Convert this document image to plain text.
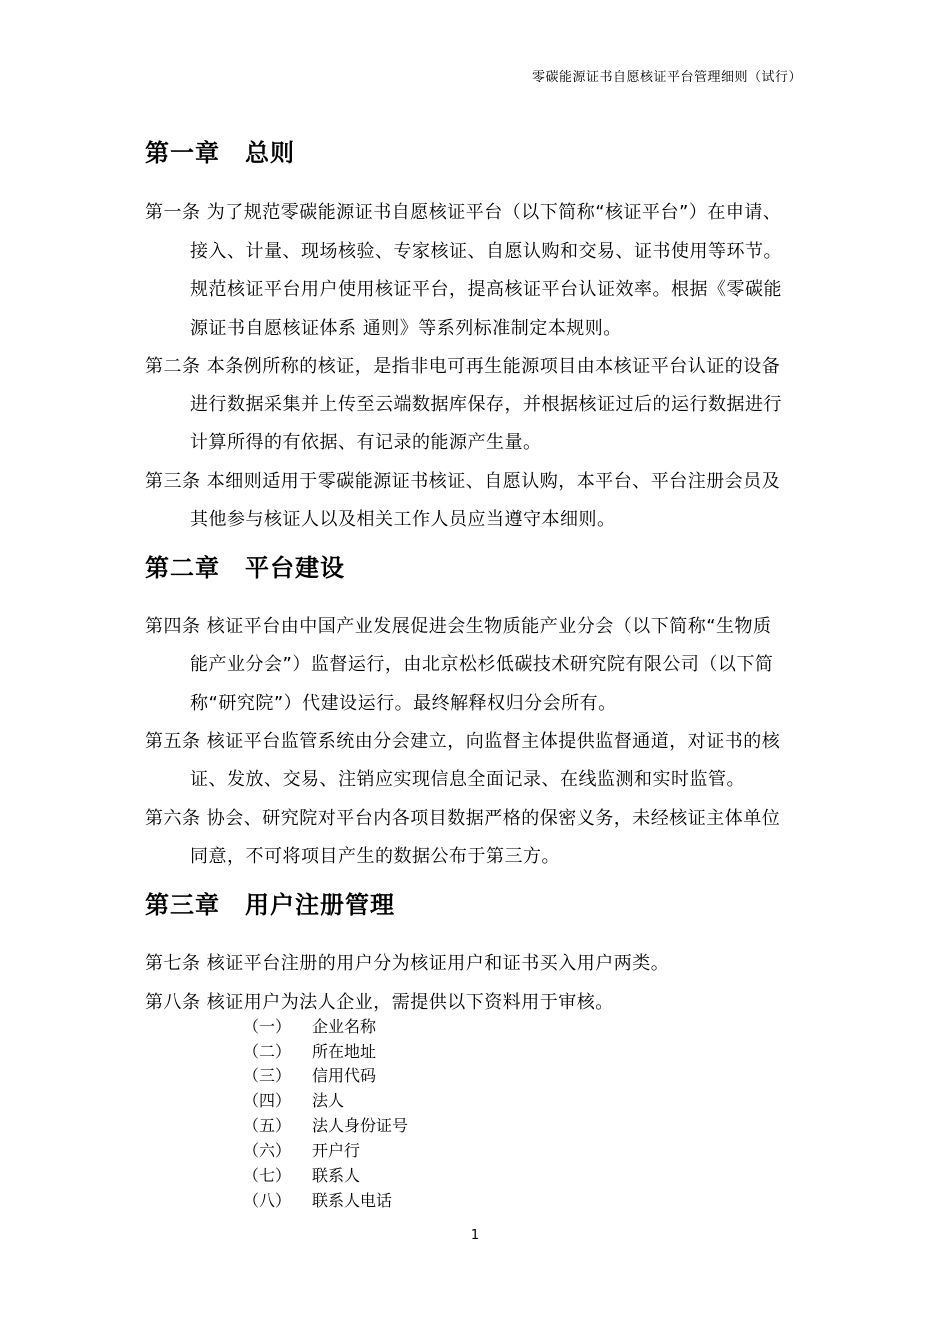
零碳能源证书自愿核证平台管理细则（试行）
第一章 总则
第一条 为了规范零碳能源证书自愿核证平台（以下简称“核证平台”）在申请、
接入、计量、现场核验、专家核证、自愿认购和交易、证书使用等环节。
规范核证平台用户使用核证平台，提高核证平台认证效率。根据《零碳能
源证书自愿核证体系 通则》等系列标准制定本规则。
第二条 本条例所称的核证，是指非电可再生能源项目由本核证平台认证的设备
进行数据采集并上传至云端数据库保存，并根据核证过后的运行数据进行
计算所得的有依据、有记录的能源产生量。
第三条 本细则适用于零碳能源证书核证、自愿认购，本平台、平台注册会员及
其他参与核证人以及相关工作人员应当遵守本细则。
第二章 平台建设
第四条 核证平台由中国产业发展促进会生物质能产业分会（以下简称“生物质
能产业分会”）监督运行，由北京松杉低碳技术研究院有限公司（以下简
称“研究院”）代建设运行。最终解释权归分会所有。
第五条 核证平台监管系统由分会建立，向监督主体提供监督通道，对证书的核
证、发放、交易、注销应实现信息全面记录、在线监测和实时监管。
第六条 协会、研究院对平台内各项目数据严格的保密义务，未经核证主体单位
同意，不可将项目产生的数据公布于第三方。
第三章 用户注册管理
第七条 核证平台注册的用户分为核证用户和证书买入用户两类。
第八条 核证用户为法人企业，需提供以下资料用于审核。
（一） 企业名称
（二） 所在地址
（三） 信用代码
（四） 法人
（五） 法人身份证号
（六） 开户行
（七） 联系人
（八） 联系人电话
1
